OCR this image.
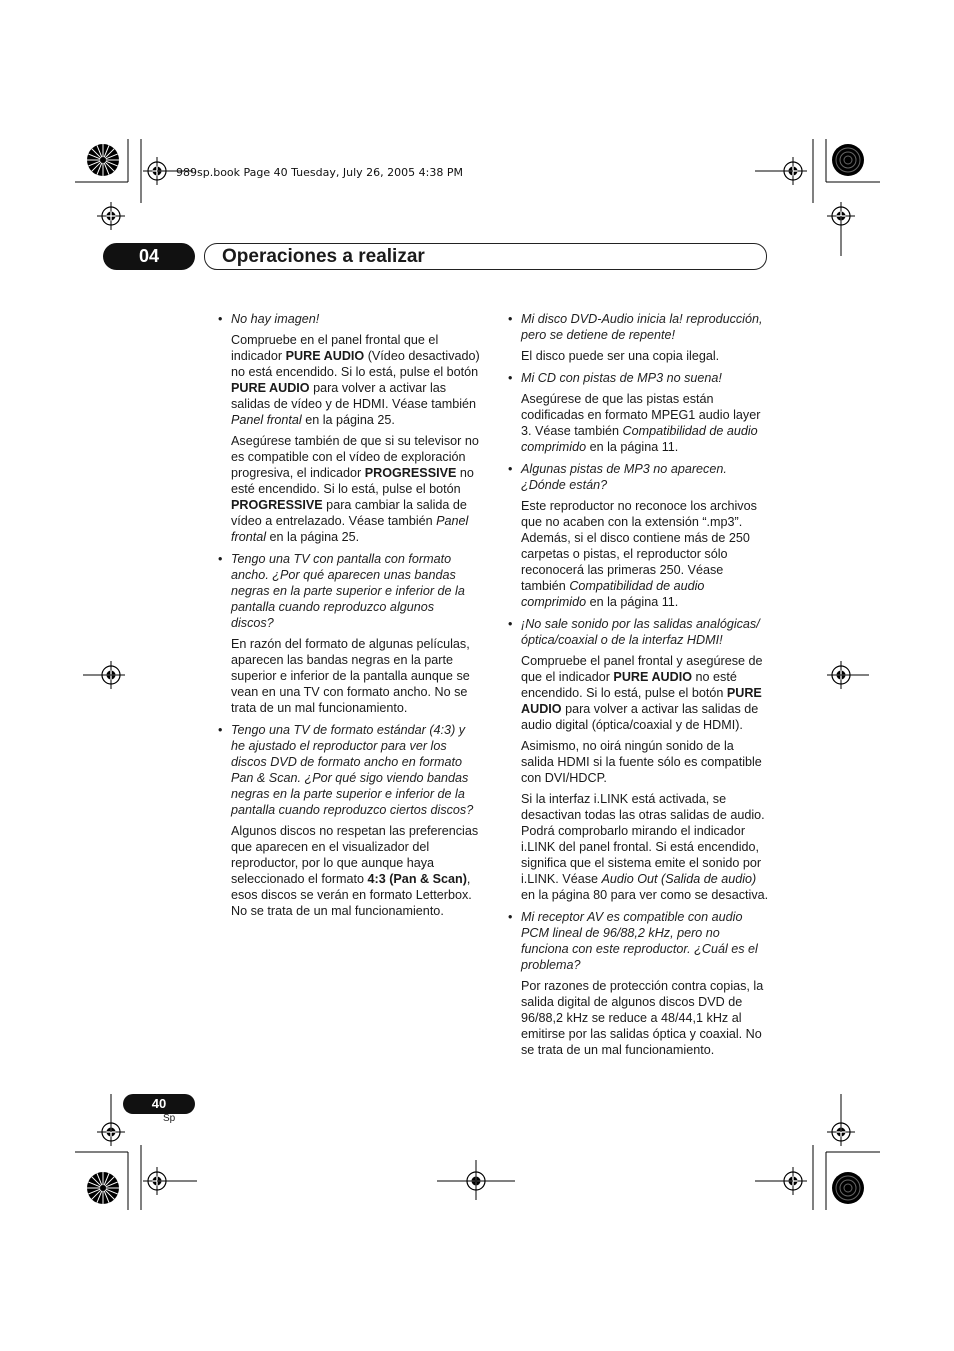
989sp.book Page 40 Tuesday, July 26, 2005 4:38 PM
04	Operaciones a realizar
• No hay imagen!
Compruebe en el panel frontal que el indicador PURE AUDIO (Vídeo desactivado) no está encendido. Si lo está, pulse el botón PURE AUDIO para volver a activar las salidas de vídeo y de HDMI. Véase también Panel frontal en la página 25.
Asegúrese también de que si su televisor no es compatible con el vídeo de exploración progresiva, el indicador PROGRESSIVE no esté encendido. Si lo está, pulse el botón PROGRESSIVE para cambiar la salida de vídeo a entrelazado. Véase también Panel frontal en la página 25.
• Tengo una TV con pantalla con formato ancho. ¿Por qué aparecen unas bandas negras en la parte superior e inferior de la pantalla cuando reproduzco algunos discos?
En razón del formato de algunas películas, aparecen las bandas negras en la parte superior e inferior de la pantalla aunque se vean en una TV con formato ancho. No se trata de un mal funcionamiento.
• Tengo una TV de formato estándar (4:3) y he ajustado el reproductor para ver los discos DVD de formato ancho en formato Pan & Scan. ¿Por qué sigo viendo bandas negras en la parte superior e inferior de la pantalla cuando reproduzco ciertos discos?
Algunos discos no respetan las preferencias que aparecen en el visualizador del reproductor, por lo que aunque haya seleccionado el formato 4:3 (Pan & Scan), esos discos se verán en formato Letterbox. No se trata de un mal funcionamiento.
• Mi disco DVD-Audio inicia la! reproducción, pero se detiene de repente!
El disco puede ser una copia ilegal.
• Mi CD con pistas de MP3 no suena!
Asegúrese de que las pistas están codificadas en formato MPEG1 audio layer 3. Véase también Compatibilidad de audio comprimido en la página 11.
• Algunas pistas de MP3 no aparecen. ¿Dónde están?
Este reproductor no reconoce los archivos que no acaben con la extensión “.mp3”. Además, si el disco contiene más de 250 carpetas o pistas, el reproductor sólo reconocerá las primeras 250. Véase también Compatibilidad de audio comprimido en la página 11.
• ¡No sale sonido por las salidas analógicas/ óptica/coaxial o de la interfaz HDMI!
Compruebe el panel frontal y asegúrese de que el indicador PURE AUDIO no esté encendido. Si lo está, pulse el botón PURE AUDIO para volver a activar las salidas de audio digital (óptica/coaxial y de HDMI).
Asimismo, no oirá ningún sonido de la salida HDMI si la fuente sólo es compatible con DVI/HDCP.
Si la interfaz i.LINK está activada, se desactivan todas las otras salidas de audio. Podrá comprobarlo mirando el indicador i.LINK del panel frontal. Si está encendido, significa que el sistema emite el sonido por i.LINK. Véase Audio Out (Salida de audio) en la página 80 para ver como se desactiva.
• Mi receptor AV es compatible con audio PCM lineal de 96/88,2 kHz, pero no funciona con este reproductor. ¿Cuál es el problema?
Por razones de protección contra copias, la salida digital de algunos discos DVD de 96/88,2 kHz se reduce a 48/44,1 kHz al emitirse por las salidas óptica y coaxial. No se trata de un mal funcionamiento.
40
Sp
